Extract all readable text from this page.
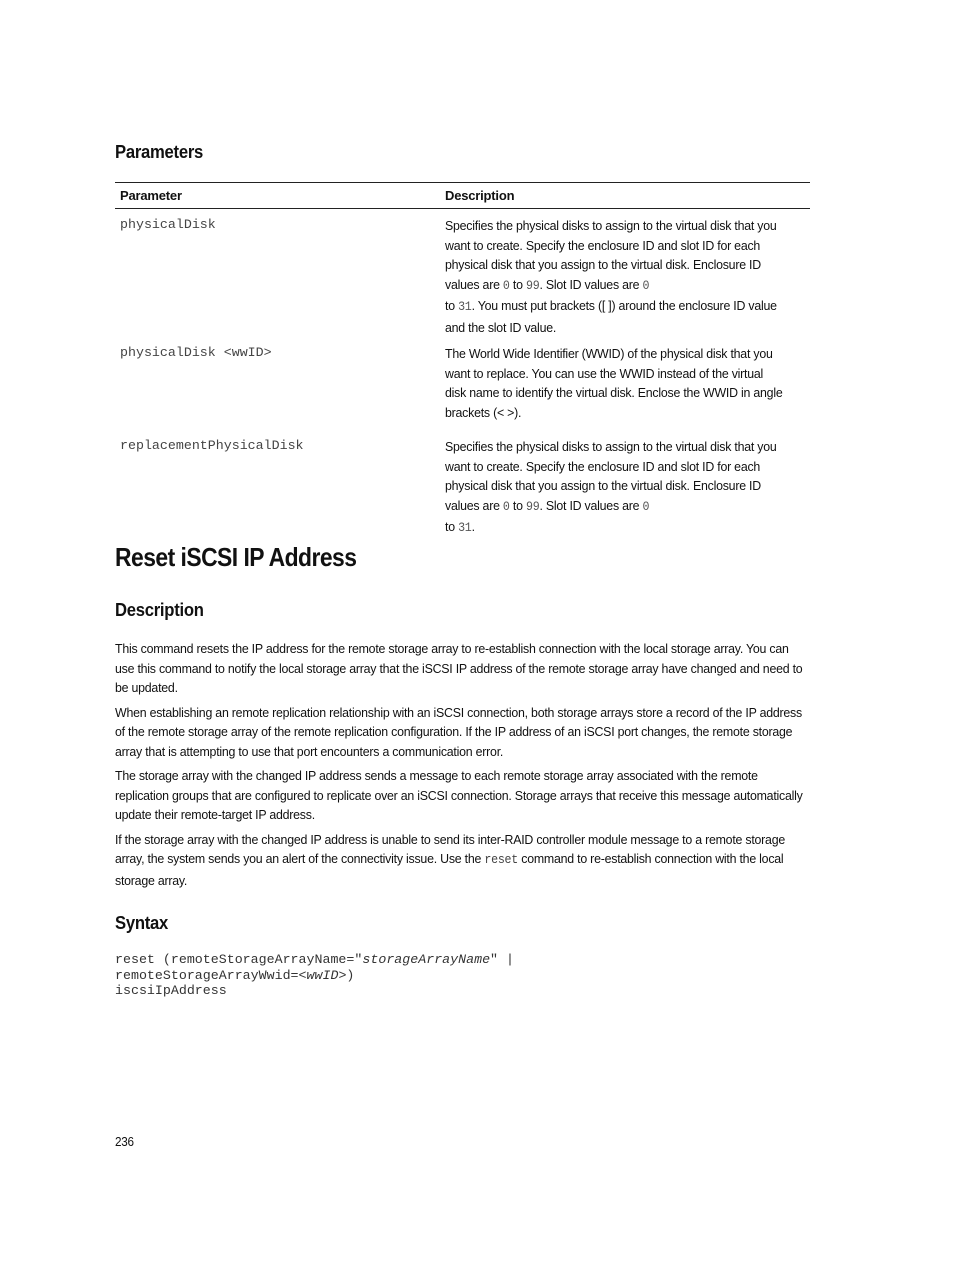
Parameters
Parameter	Description
physicalDisk	Specifies the physical disks to assign to the virtual disk that you want to create. Specify the enclosure ID and slot ID for each physical disk that you assign to the virtual disk. Enclosure ID values are 0 to 99. Slot ID values are 0
to 31. You must put brackets ([ ]) around the enclosure ID value and the slot ID value.

physicalDisk <wwID>	The World Wide Identifier (WWID) of the physical disk that you want to replace. You can use the WWID instead of the virtual disk name to identify the virtual disk. Enclose the WWID in angle brackets (< >).

replacementPhysicalDisk	Specifies the physical disks to assign to the virtual disk that you want to create. Specify the enclosure ID and slot ID for each physical disk that you assign to the virtual disk. Enclosure ID values are 0 to 99. Slot ID values are 0
to 31.
Reset iSCSI IP Address
Description

This command resets the IP address for the remote storage array to re-establish connection with the local storage array. You can use this command to notify the local storage array that the iSCSI IP address of the remote storage array have changed and need to be updated.

When establishing an remote replication relationship with an iSCSI connection, both storage arrays store a record of the IP address of the remote storage array of the remote replication configuration. If the IP address of an iSCSI port changes, the remote storage array that is attempting to use that port encounters a communication error.

The storage array with the changed IP address sends a message to each remote storage array associated with the remote replication groups that are configured to replicate over an iSCSI connection. Storage arrays that receive this message automatically update their remote-target IP address.

If the storage array with the changed IP address is unable to send its inter-RAID controller module message to a remote storage array, the system sends you an alert of the connectivity issue. Use the reset command to re-establish connection with the local storage array.

Syntax
reset (remoteStorageArrayName="storageArrayName" |
remoteStorageArrayWwid=<wwID>)
iscsiIpAddress
236
